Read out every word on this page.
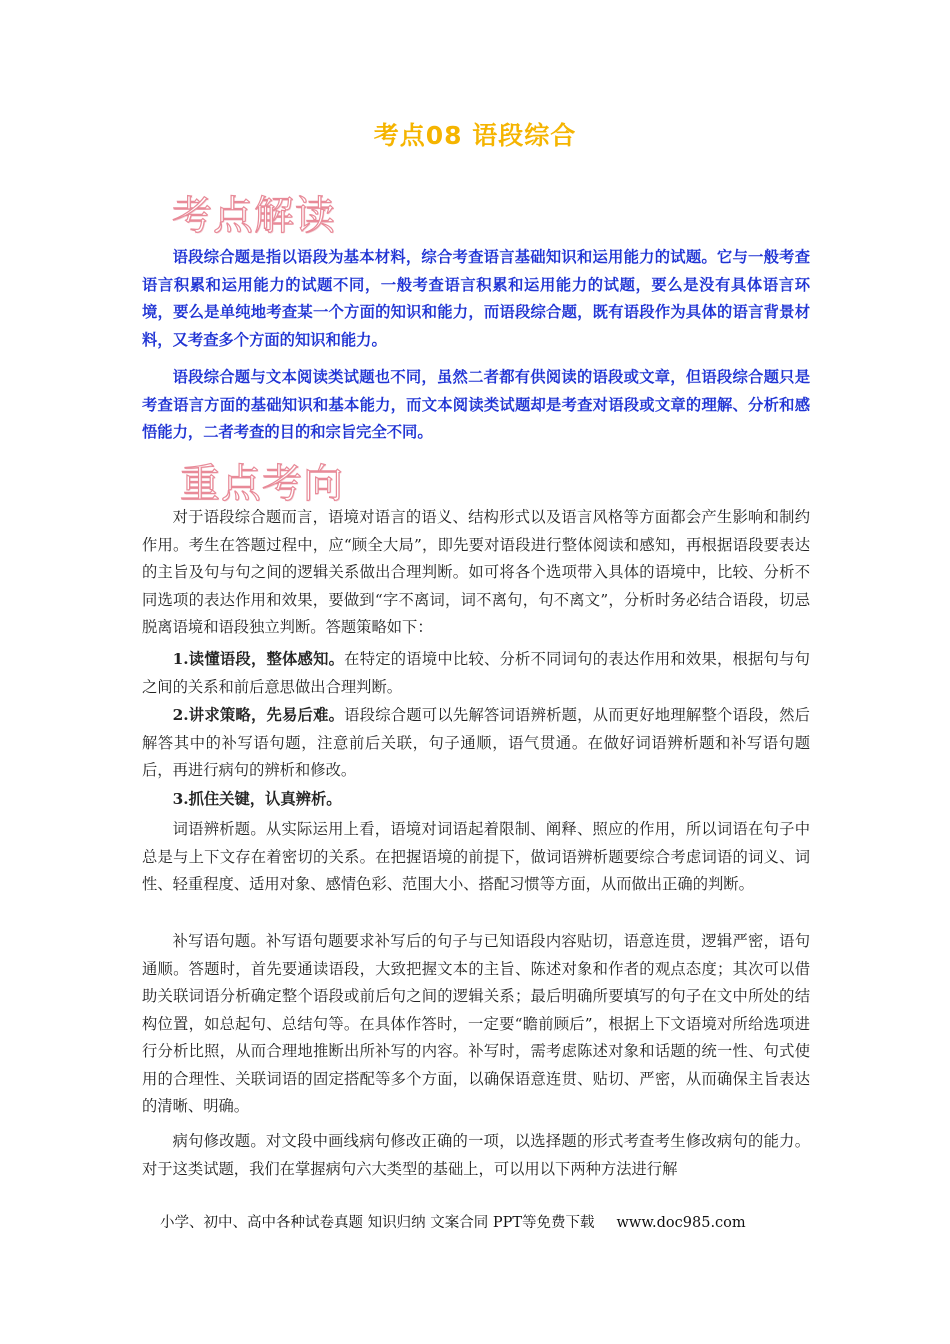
考点08 语段综合
考点解读

语段综合题是指以语段为基本材料，综合考查语言基础知识和运用能力的试题。它与一般考查语言积累和运用能力的试题不同，一般考查语言积累和运用能力的试题，要么是没有具体语言环境，要么是单纯地考查某一个方面的知识和能力，而语段综合题，既有语段作为具体的语言背景材料，又考查多个方面的知识和能力。

语段综合题与文本阅读类试题也不同，虽然二者都有供阅读的语段或文章，但语段综合题只是考查语言方面的基础知识和基本能力，而文本阅读类试题却是考查对语段或文章的理解、分析和感悟能力，二者考查的目的和宗旨完全不同。

重点考向

对于语段综合题而言，语境对语言的语义、结构形式以及语言风格等方面都会产生影响和制约作用。考生在答题过程中，应“顾全大局”，即先要对语段进行整体阅读和感知，再根据语段要表达的主旨及句与句之间的逻辑关系做出合理判断。如可将各个选项带入具体的语境中，比较、分析不同选项的表达作用和效果，要做到“字不离词，词不离句，句不离文”，分析时务必结合语段，切忌脱离语境和语段独立判断。答题策略如下：

1.读懂语段，整体感知。在特定的语境中比较、分析不同词句的表达作用和效果，根据句与句之间的关系和前后意思做出合理判断。

2.讲求策略，先易后难。语段综合题可以先解答词语辨析题，从而更好地理解整个语段，然后解答其中的补写语句题，注意前后关联，句子通顺，语气贯通。在做好词语辨析题和补写语句题后，再进行病句的辨析和修改。

3.抓住关键，认真辨析。

词语辨析题。从实际运用上看，语境对词语起着限制、阐释、照应的作用，所以词语在句子中总是与上下文存在着密切的关系。在把握语境的前提下，做词语辨析题要综合考虑词语的词义、词性、轻重程度、适用对象、感情色彩、范围大小、搭配习惯等方面，从而做出正确的判断。

补写语句题。补写语句题要求补写后的句子与已知语段内容贴切，语意连贯，逻辑严密，语句通顺。答题时，首先要通读语段，大致把握文本的主旨、陈述对象和作者的观点态度；其次可以借助关联词语分析确定整个语段或前后句之间的逻辑关系；最后明确所要填写的句子在文中所处的结构位置，如总起句、总结句等。在具体作答时，一定要“瞻前顾后”，根据上下文语境对所给选项进行分析比照，从而合理地推断出所补写的内容。补写时，需考虑陈述对象和话题的统一性、句式使用的合理性、关联词语的固定搭配等多个方面，以确保语意连贯、贴切、严密，从而确保主旨表达的清晰、明确。

病句修改题。对文段中画线病句修改正确的一项，以选择题的形式考查考生修改病句的能力。对于这类试题，我们在掌握病句六大类型的基础上，可以用以下两种方法进行解

小学、初中、高中各种试卷真题 知识归纳 文案合同 PPT等免费下载 www.doc985.com
